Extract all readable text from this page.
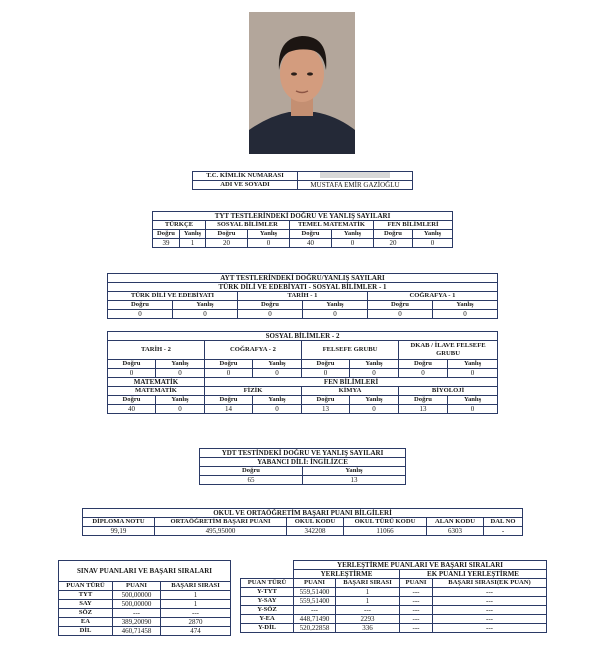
T.C. KİMLİK NUMARASI	
ADI VE SOYADI	MUSTAFA EMİR GAZİOĞLU
TYT TESTLERİNDEKİ DOĞRU VE YANLIŞ SAYILARI							
TÜRKÇE		SOSYAL BİLİMLER		TEMEL MATEMATİK		FEN BİLİMLERİ	
Doğru	Yanlış	Doğru	Yanlış	Doğru	Yanlış	Doğru	Yanlış
39	1	20	0	40	0	20	0
AYT TESTLERİNDEKİ DOĞRU/YANLIŞ SAYILARI					
TÜRK DİLİ VE EDEBİYATI - SOSYAL BİLİMLER - 1					
TÜRK DİLİ VE EDEBİYATI		TARİH - 1		COĞRAFYA - 1	
Doğru	Yanlış	Doğru	Yanlış	Doğru	Yanlış
0	0	0	0	0	0
SOSYAL BİLİMLER - 2							
TARİH - 2		COĞRAFYA - 2		FELSEFE GRUBU		DKAB / İLAVE FELSEFE GRUBU	
Doğru	Yanlış	Doğru	Yanlış	Doğru	Yanlış	Doğru	Yanlış
0	0	0	0	0	0	0	0
MATEMATİK		FEN BİLİMLERİ					
MATEMATİK		FİZİK		KİMYA		BİYOLOJİ	
Doğru	Yanlış	Doğru	Yanlış	Doğru	Yanlış	Doğru	Yanlış
40	0	14	0	13	0	13	0
YDT TESTİNDEKİ DOĞRU VE YANLIŞ SAYILARI	
YABANCI DİLİ: İNGİLİZCE	
Doğru	Yanlış
65	13
OKUL VE ORTAÖĞRETİM BAŞARI PUANI BİLGİLERİ					
DİPLOMA NOTU	ORTAÖĞRETİM BAŞARI PUANI	OKUL KODU	OKUL TÜRÜ KODU	ALAN KODU	DAL NO
99,19	495,95000	342208	11066	6303	-
SINAV PUANLARI VE BAŞARI SIRALARI		
PUAN TÜRÜ	PUANI	BAŞARI SIRASI
TYT	500,00000	1
SAY	500,00000	1
SÖZ	---	---
EA	389,20090	2870
DİL	460,71458	474
	YERLEŞTİRME PUANLARI VE BAŞARI SIRALARI			
	YERLEŞTİRME		EK PUANLI YERLEŞTİRME	
PUAN TÜRÜ	PUANI	BAŞARI SIRASI	PUANI	BAŞARI SIRASI(EK PUAN)
Y-TYT	559,51400	1	---	---
Y-SAY	559,51400	1	---	---
Y-SÖZ	---	---	---	---
Y-EA	448,71490	2293	---	---
Y-DİL	520,22858	336	---	---
